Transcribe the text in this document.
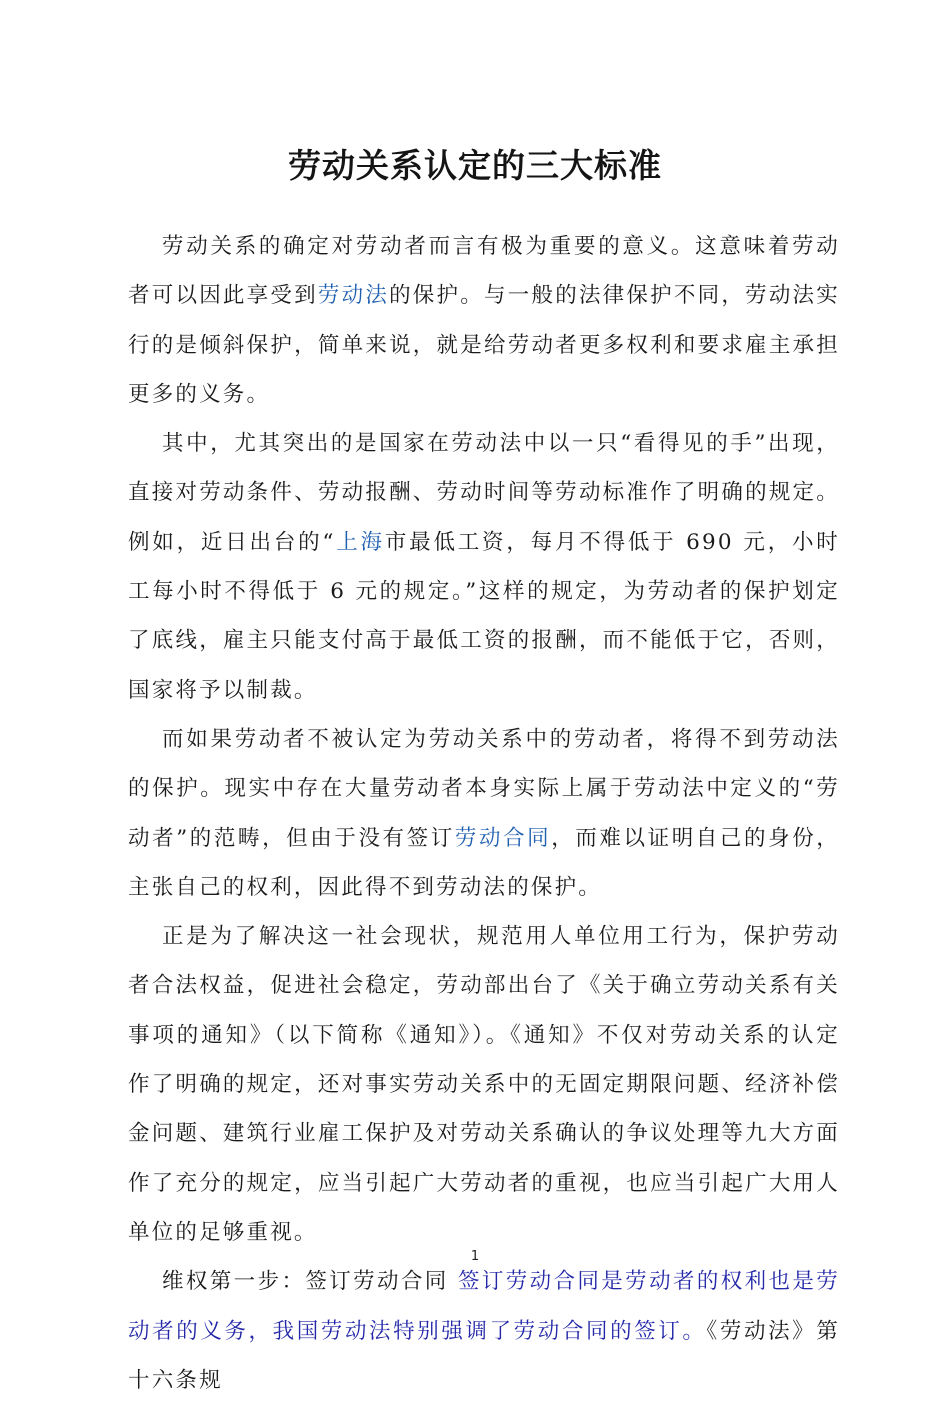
劳动关系认定的三大标准

劳动关系的确定对劳动者而言有极为重要的意义。这意味着劳动者可以因此享受到劳动法的保护。与一般的法律保护不同，劳动法实行的是倾斜保护，简单来说，就是给劳动者更多权利和要求雇主承担更多的义务。

其中，尤其突出的是国家在劳动法中以一只“看得见的手”出现，直接对劳动条件、劳动报酬、劳动时间等劳动标准作了明确的规定。例如，近日出台的“上海市最低工资，每月不得低于 690 元，小时工每小时不得低于 6 元的规定。”这样的规定，为劳动者的保护划定了底线，雇主只能支付高于最低工资的报酬，而不能低于它，否则，国家将予以制裁。

而如果劳动者不被认定为劳动关系中的劳动者，将得不到劳动法的保护。现实中存在大量劳动者本身实际上属于劳动法中定义的“劳动者”的范畴，但由于没有签订劳动合同，而难以证明自己的身份，主张自己的权利，因此得不到劳动法的保护。

正是为了解决这一社会现状，规范用人单位用工行为，保护劳动者合法权益，促进社会稳定，劳动部出台了《关于确立劳动关系有关事项的通知》（以下简称《通知》）。《通知》不仅对劳动关系的认定作了明确的规定，还对事实劳动关系中的无固定期限问题、经济补偿金问题、建筑行业雇工保护及对劳动关系确认的争议处理等九大方面作了充分的规定，应当引起广大劳动者的重视，也应当引起广大用人单位的足够重视。

维权第一步：签订劳动合同 签订劳动合同是劳动者的权利也是劳动者的义务，我国劳动法特别强调了劳动合同的签订。《劳动法》第十六条规

1
